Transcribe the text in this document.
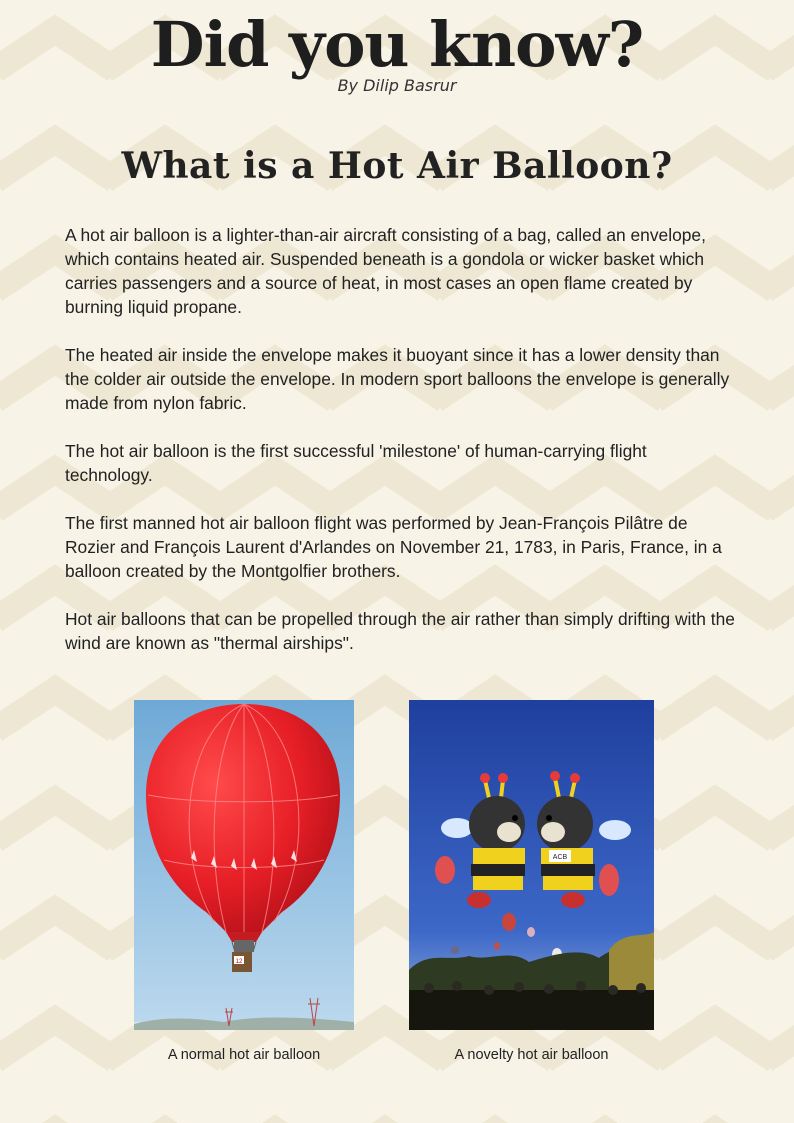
Did you know?
By Dilip Basrur
What is a Hot Air Balloon?

A hot air balloon is a lighter-than-air aircraft consisting of a bag, called an envelope, which contains heated air. Suspended beneath is a gondola or wicker basket which carries passengers and a source of heat, in most cases an open flame created by burning liquid propane.

The heated air inside the envelope makes it buoyant since it has a lower density than the colder air outside the envelope. In modern sport balloons the envelope is generally made from nylon fabric.

The hot air balloon is the first successful 'milestone' of human-carrying flight technology.

The first manned hot air balloon flight was performed by Jean-François Pilâtre de Rozier and François Laurent d'Arlandes on November 21, 1783, in Paris, France, in a balloon created by the Montgolfier brothers.

Hot air balloons that can be propelled through the air rather than simply drifting with the wind are known as "thermal airships".

12
A normal hot air balloon
ACB
A novelty hot air balloon
